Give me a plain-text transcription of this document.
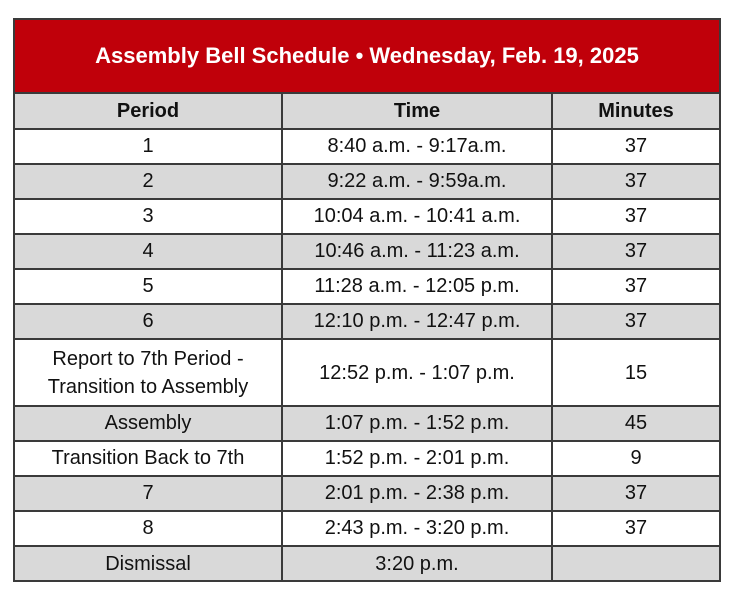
Assembly Bell Schedule • Wednesday, Feb. 19, 2025
Period	Time	Minutes
1	8:40 a.m. - 9:17a.m.	37
2	9:22 a.m. - 9:59a.m.	37
3	10:04 a.m. - 10:41 a.m.	37
4	10:46 a.m. - 11:23 a.m.	37
5	11:28 a.m. - 12:05 p.m.	37
6	12:10 p.m. - 12:47 p.m.	37

Report to 7th Period -
Transition to Assembly	12:52 p.m. - 1:07 p.m.	15
Assembly	1:07 p.m. - 1:52 p.m.	45
Transition Back to 7th	1:52 p.m. - 2:01 p.m.	9
7	2:01 p.m. - 2:38 p.m.	37
8	2:43 p.m. - 3:20 p.m.	37
Dismissal	3:20 p.m.	
